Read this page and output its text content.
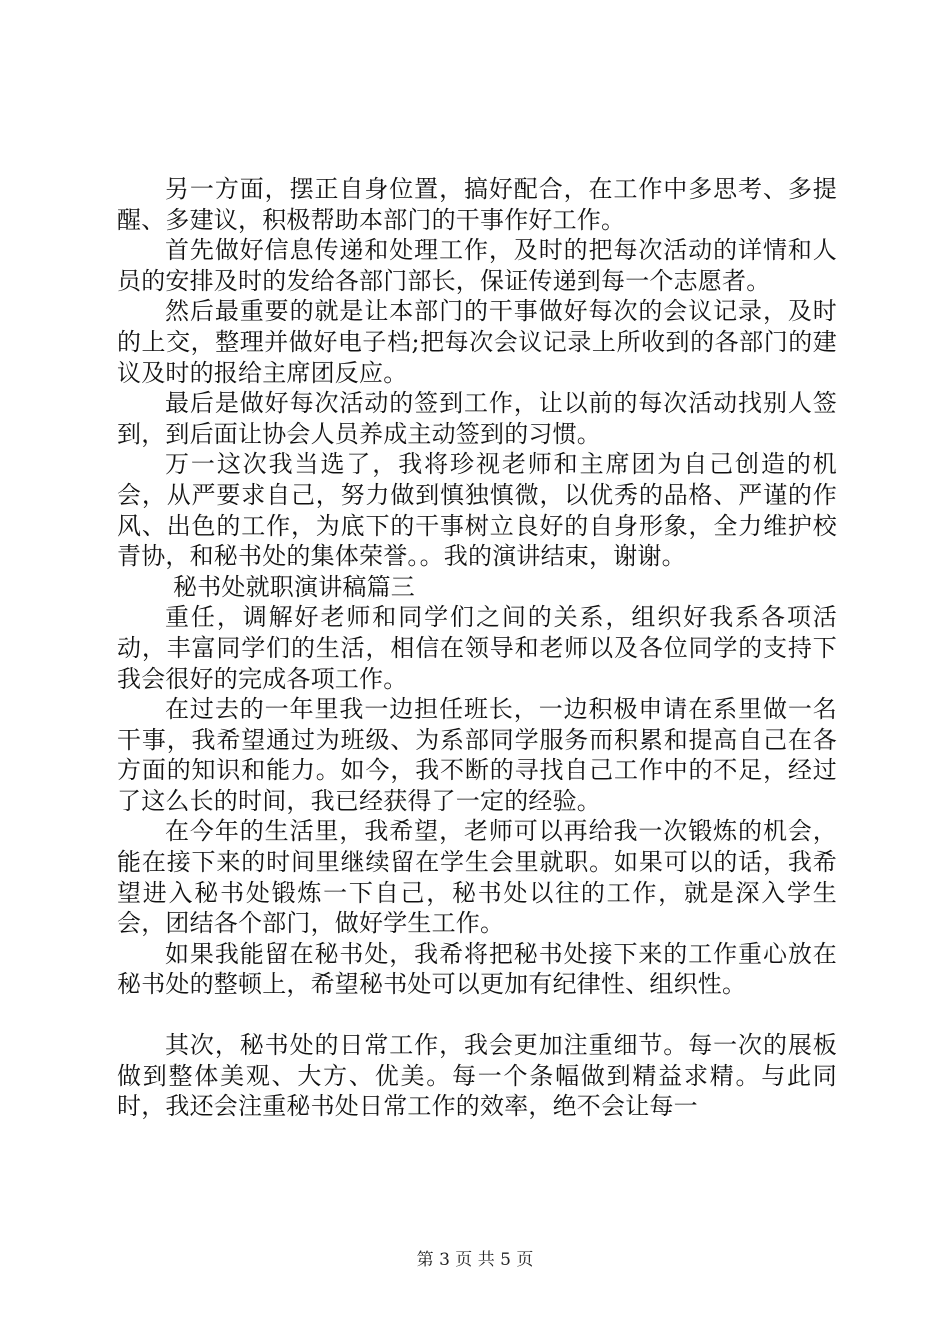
另一方面，摆正自身位置，搞好配合，在工作中多思考、多提醒、多建议，积极帮助本部门的干事作好工作。

首先做好信息传递和处理工作，及时的把每次活动的详情和人员的安排及时的发给各部门部长，保证传递到每一个志愿者。

然后最重要的就是让本部门的干事做好每次的会议记录，及时的上交，整理并做好电子档;把每次会议记录上所收到的各部门的建议及时的报给主席团反应。

最后是做好每次活动的签到工作，让以前的每次活动找别人签到，到后面让协会人员养成主动签到的习惯。

万一这次我当选了，我将珍视老师和主席团为自己创造的机会，从严要求自己，努力做到慎独慎微，以优秀的品格、严谨的作风、出色的工作，为底下的干事树立良好的自身形象，全力维护校青协，和秘书处的集体荣誉。。我的演讲结束，谢谢。

秘书处就职演讲稿篇三

重任，调解好老师和同学们之间的关系，组织好我系各项活动，丰富同学们的生活，相信在领导和老师以及各位同学的支持下我会很好的完成各项工作。

在过去的一年里我一边担任班长，一边积极申请在系里做一名干事，我希望通过为班级、为系部同学服务而积累和提高自己在各方面的知识和能力。如今，我不断的寻找自己工作中的不足，经过了这么长的时间，我已经获得了一定的经验。

在今年的生活里，我希望，老师可以再给我一次锻炼的机会，能在接下来的时间里继续留在学生会里就职。如果可以的话，我希望进入秘书处锻炼一下自己，秘书处以往的工作，就是深入学生会，团结各个部门，做好学生工作。

如果我能留在秘书处，我希将把秘书处接下来的工作重心放在秘书处的整顿上，希望秘书处可以更加有纪律性、组织性。

其次，秘书处的日常工作，我会更加注重细节。每一次的展板做到整体美观、大方、优美。每一个条幅做到精益求精。与此同时，我还会注重秘书处日常工作的效率，绝不会让每一

第 3 页 共 5 页
